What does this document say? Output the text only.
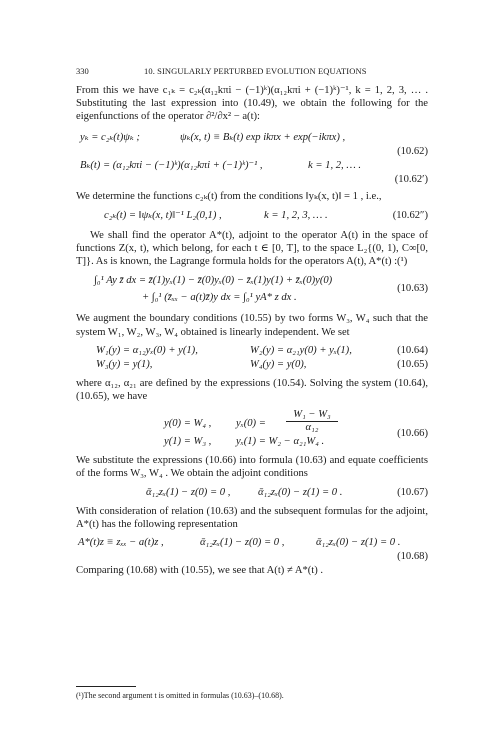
330	10. SINGULARLY PERTURBED EVOLUTION EQUATIONS

From this we have c₁ₖ = c₂ₖ(α₁₂kπi − (−1)ᵏ)(α₁₂kπi + (−1)ᵏ)⁻¹, k = 1, 2, 3, … . Substituting the last expression into (10.49), we obtain the following for the eigenfunctions of the operator ∂²/∂x² − a(t):

yₖ = c₂ₖ(t)ψₖ ;	ψₖ(x, t) ≡ Bₖ(t) exp ikπx + exp(−ikπx) ,
(10.62)
Bₖ(t) = (α₁₂kπi − (−1)ᵏ)(α₁₂kπi + (−1)ᵏ)⁻¹ ,	k = 1, 2, … .
(10.62′)

We determine the functions c₂ₖ(t) from the conditions ‖yₖ(x, t)‖ = 1 , i.e.,

c₂ₖ(t) = ‖ψₖ(x, t)‖⁻¹ L₂(0,1) ,	k = 1, 2, 3, … .	(10.62″)

We shall find the operator A*(t), adjoint to the operator A(t) in the space of functions Z(x, t), which belong, for each t ∈ [0, T], to the space L₂{(0, 1), C∞[0, T]}. As is known, the Lagrange formula holds for the operators A(t), A*(t) :(¹)

∫₀¹ Ay z̄ dx = z̄(1)yₓ(1) − z̄(0)yₓ(0) − z̄ₓ(1)y(1) + z̄ₓ(0)y(0)
+ ∫₀¹ (z̄ₓₓ − a(t)z̄)y dx = ∫₀¹ yA* z dx .
(10.63)

We augment the boundary conditions (10.55) by two forms W₃, W₄ such that the system W₁, W₂, W₃, W₄ obtained is linearly independent. We set

W₁(y) = α₁₂yₓ(0) + y(1),	W₂(y) = α₂₁y(0) + yₓ(1),	(10.64)
W₃(y) = y(1),	W₄(y) = y(0),	(10.65)

where α₁₂, α₂₁ are defined by the expressions (10.54). Solving the system (10.64), (10.65), we have

y(0) = W₄ , $y_x(0) = \frac{\text{W₁ − W₃}}{\text{α₁₂}}$	(10.66)
y(1) = W₃ , yₓ(1) = W₂ − α₂₁W₄ .

We substitute the expressions (10.66) into formula (10.63) and equate coefficients of the forms W₃, W₄ . We obtain the adjoint conditions

ᾱ₁₂zₓ(1) − z(0) = 0 ,	ᾱ₁₂zₓ(0) − z(1) = 0 .	(10.67)

With consideration of relation (10.63) and the subsequent formulas for the adjoint, A*(t) has the following representation

A*(t)z ≡ zₓₓ − a(t)z ,	ᾱ₁₂zₓ(1) − z(0) = 0 ,	ᾱ₁₂zₓ(0) − z(1) = 0 .
(10.68)

Comparing (10.68) with (10.55), we see that A(t) ≠ A*(t) .

(¹)The second argument t is omitted in formulas (10.63)–(10.68).
